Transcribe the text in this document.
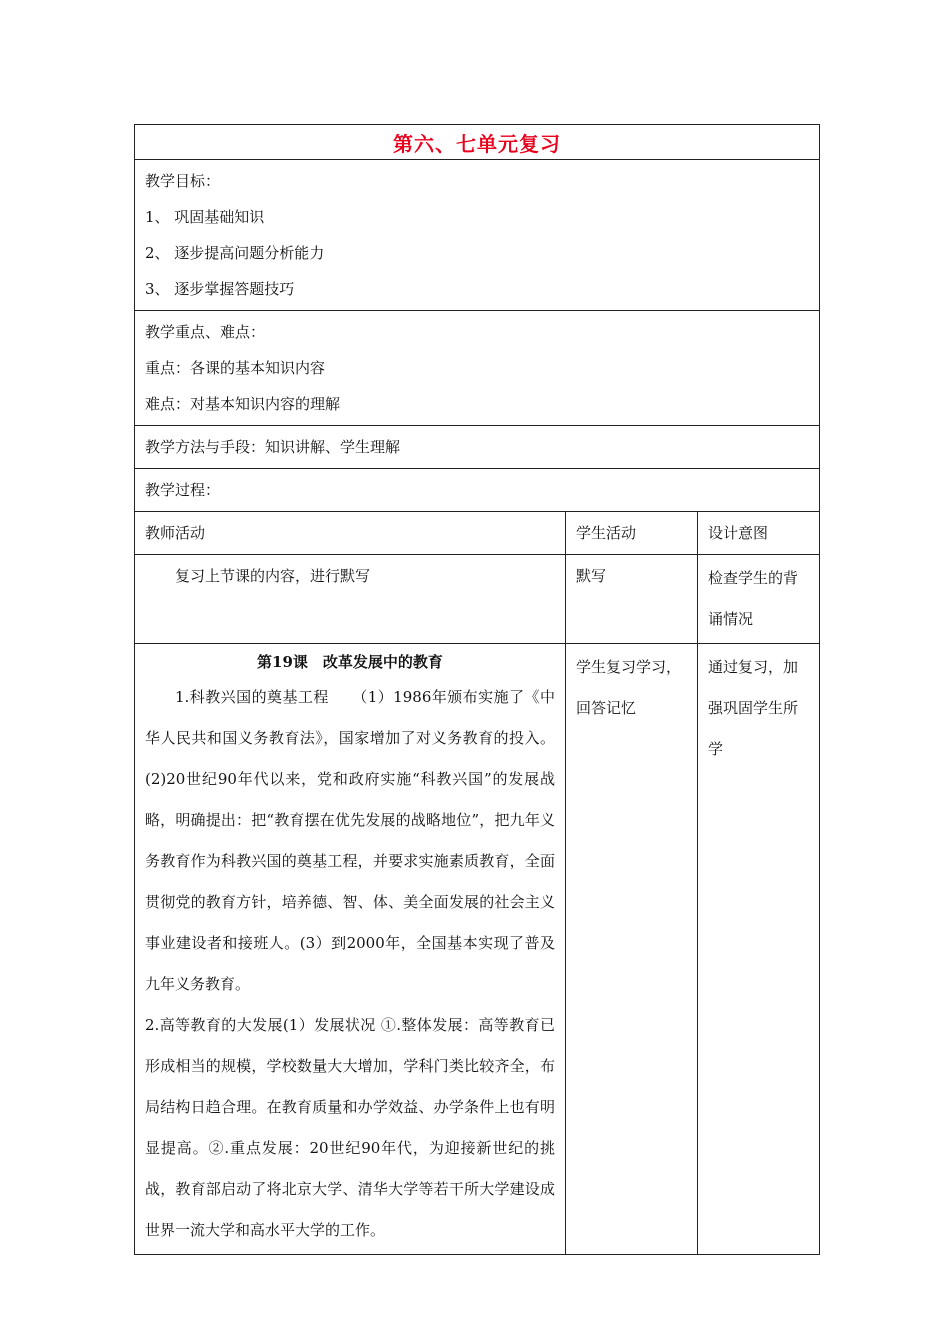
第六、七单元复习		

教学目标：
1、 巩固基础知识
2、 逐步提高问题分析能力
3、 逐步掌握答题技巧		

教学重点、难点：
重点：各课的基本知识内容
难点：对基本知识内容的理解		

教学方法与手段：知识讲解、学生理解		

教学过程：		

教师活动	学生活动	设计意图

复习上节课的内容，进行默写	默写	检查学生的背诵情况

第19课　改革发展中的教育
1.科教兴国的奠基工程　　（1）1986年颁布实施了《中华人民共和国义务教育法》，国家增加了对义务教育的投入。(2)20世纪90年代以来，党和政府实施“科教兴国”的发展战略，明确提出：把“教育摆在优先发展的战略地位”，把九年义务教育作为科教兴国的奠基工程，并要求实施素质教育，全面贯彻党的教育方针，培养德、智、体、美全面发展的社会主义事业建设者和接班人。(3）到2000年，全国基本实现了普及九年义务教育。
2.高等教育的大发展(1）发展状况 ①.整体发展：高等教育已形成相当的规模，学校数量大大增加，学科门类比较齐全，布局结构日趋合理。在教育质量和办学效益、办学条件上也有明显提高。②.重点发展：20世纪90年代，为迎接新世纪的挑战，教育部启动了将北京大学、清华大学等若干所大学建设成世界一流大学和高水平大学的工作。	学生复习学习，回答记忆	通过复习，加强巩固学生所学
